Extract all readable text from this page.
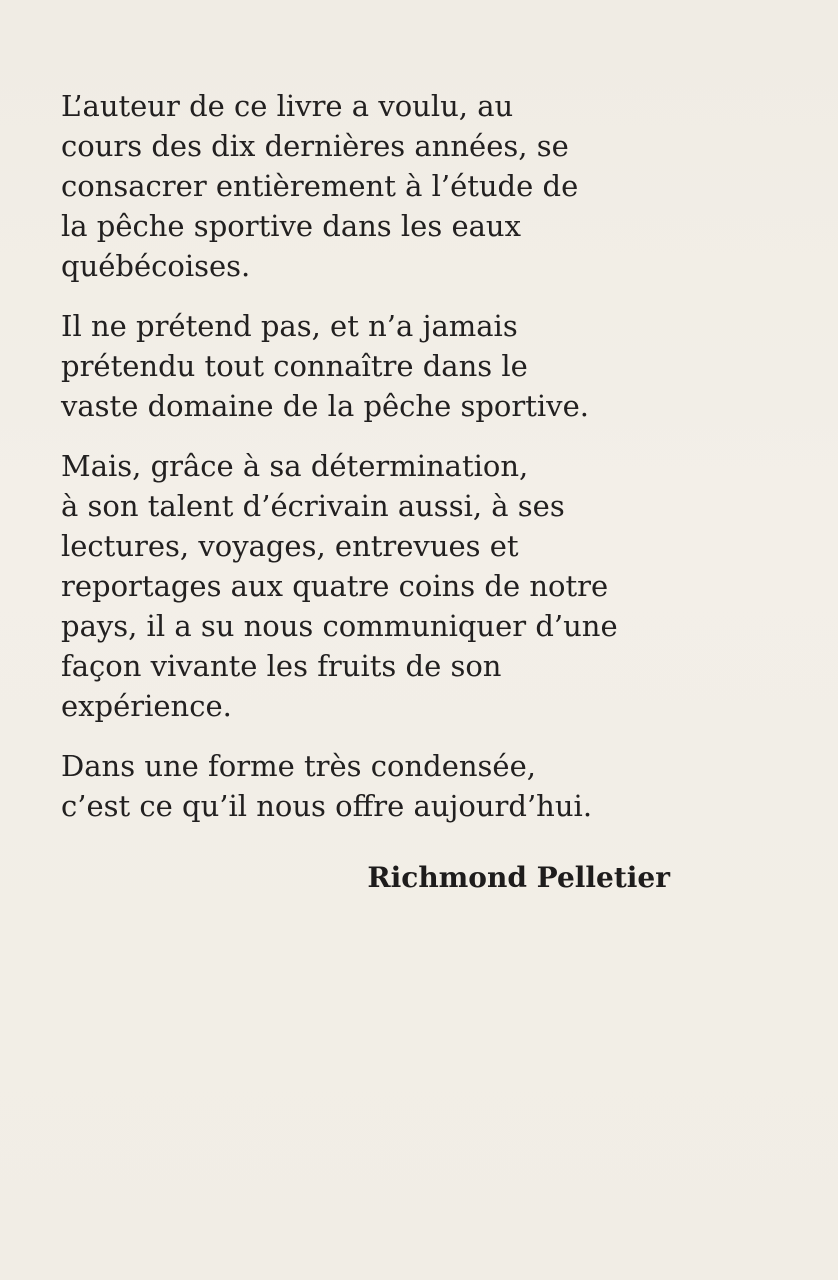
L’auteur de ce livre a voulu, au
cours des dix dernières années, se
consacrer entièrement à l’étude de
la pêche sportive dans les eaux
québécoises.

Il ne prétend pas, et n’a jamais
prétendu tout connaître dans le
vaste domaine de la pêche sportive.

Mais, grâce à sa détermination,
à son talent d’écrivain aussi, à ses
lectures, voyages, entrevues et
reportages aux quatre coins de notre
pays, il a su nous communiquer d’une
façon vivante les fruits de son
expérience.

Dans une forme très condensée,
c’est ce qu’il nous offre aujourd’hui.

Richmond Pelletier
